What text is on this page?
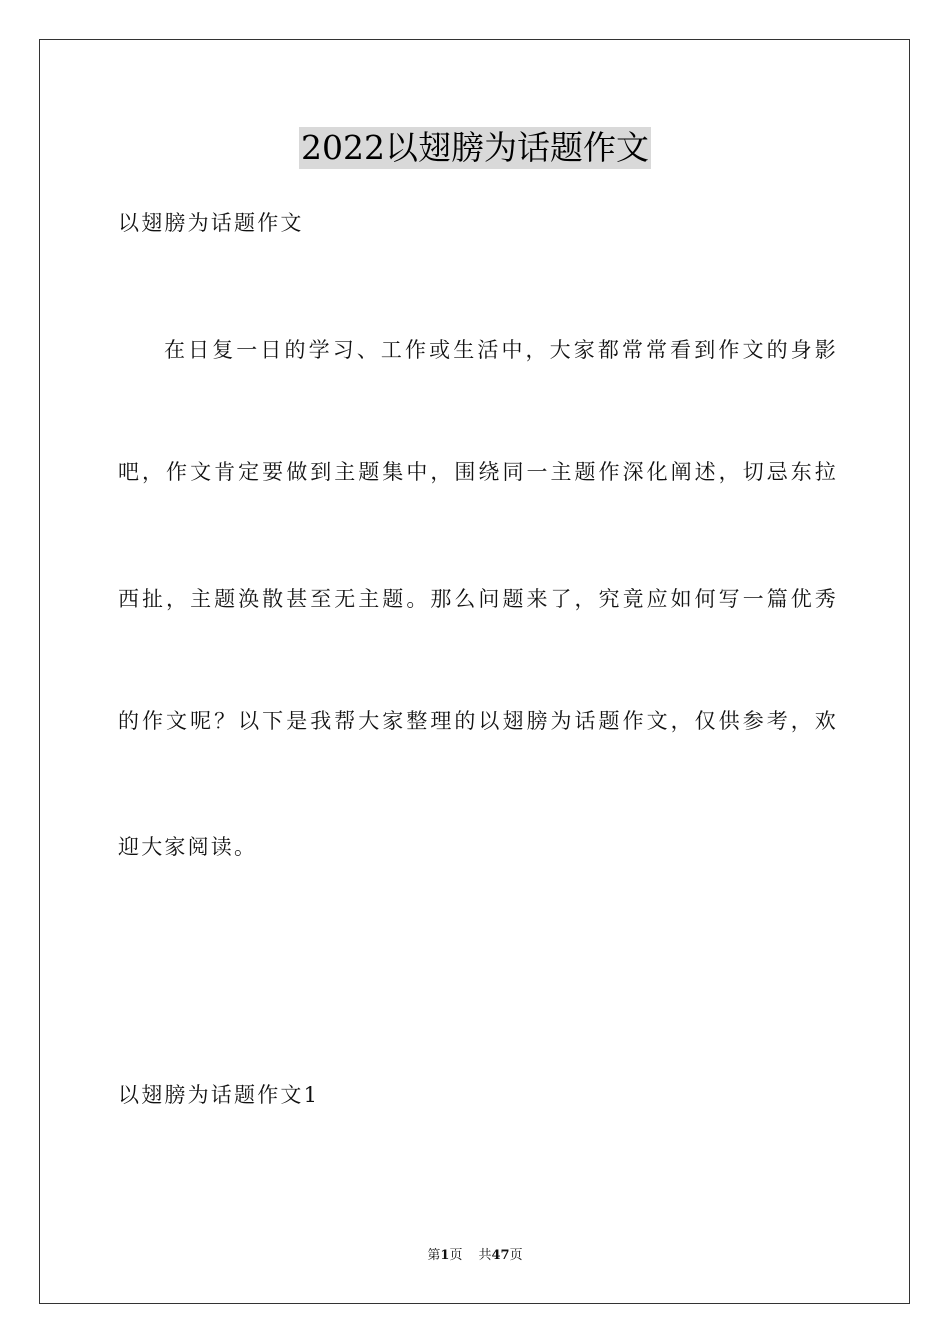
2022以翅膀为话题作文
以翅膀为话题作文
在日复一日的学习、工作或生活中，大家都常常看到作文的身影
吧，作文肯定要做到主题集中，围绕同一主题作深化阐述，切忌东拉
西扯，主题涣散甚至无主题。那么问题来了，究竟应如何写一篇优秀
的作文呢？以下是我帮大家整理的以翅膀为话题作文，仅供参考，欢
迎大家阅读。
以翅膀为话题作文1
第1页 共47页
